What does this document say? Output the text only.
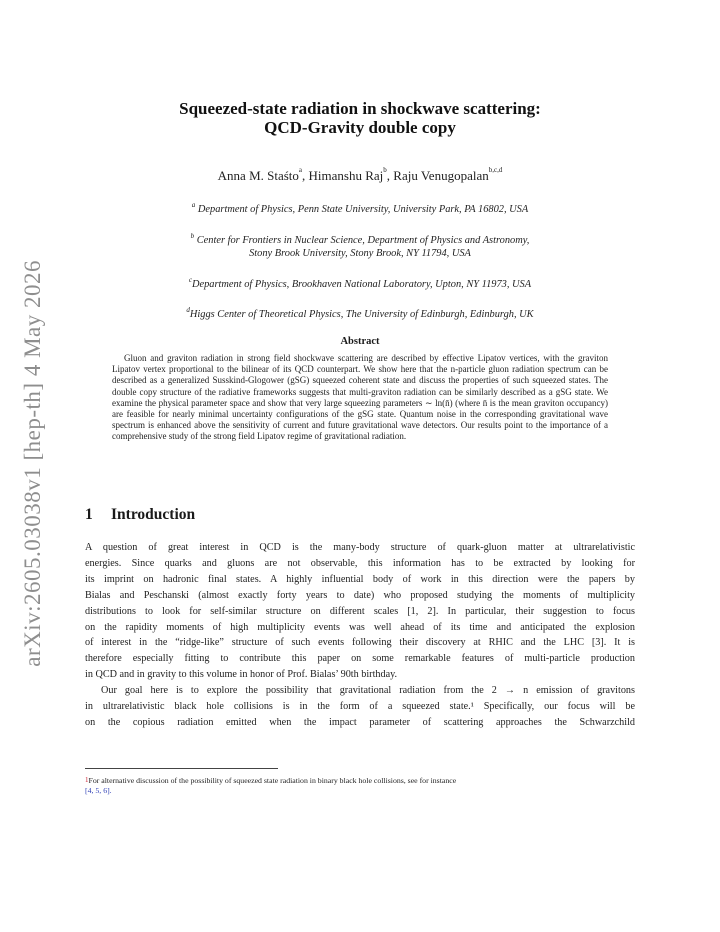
arXiv:2605.03038v1 [hep-th] 4 May 2026
Squeezed-state radiation in shockwave scattering:
QCD-Gravity double copy
Anna M. Staśto$^a$, Himanshu Raj$^b$, Raju Venugopalan$^{b,c,d}$
$^a$ Department of Physics, Penn State University, University Park, PA 16802, USA
$^b$ Center for Frontiers in Nuclear Science, Department of Physics and Astronomy,
Stony Brook University, Stony Brook, NY 11794, USA
$^c$Department of Physics, Brookhaven National Laboratory, Upton, NY 11973, USA
$^d$Higgs Center of Theoretical Physics, The University of Edinburgh, Edinburgh, UK
Abstract
Gluon and graviton radiation in strong field shockwave scattering are described by effective Lipatov vertices, with the graviton Lipatov vertex proportional to the bilinear of its QCD counterpart. We show here that the n-particle gluon radiation spectrum can be described as a generalized Susskind-Glogower (gSG) squeezed coherent state and discuss the properties of such squeezed states. The double copy structure of the radiative frameworks suggests that multi-graviton radiation can be similarly described as a gSG state. We examine the physical parameter space and show that very large squeezing parameters ∼ ln(n̄) (where n̄ is the mean graviton occupancy) are feasible for nearly minimal uncertainty configurations of the gSG state. Quantum noise in the corresponding gravitational wave spectrum is enhanced above the sensitivity of current and future gravitational wave detectors. Our results point to the importance of a comprehensive study of the strong field Lipatov regime of gravitational radiation.
1 Introduction
A question of great interest in QCD is the many-body structure of quark-gluon matter at ultrarelativistic
energies. Since quarks and gluons are not observable, this information has to be extracted by looking for
its imprint on hadronic final states. A highly influential body of work in this direction were the papers by
Bialas and Peschanski (almost exactly forty years to date) who proposed studying the moments of multiplicity
distributions to look for self-similar structure on different scales [1, 2]. In particular, their suggestion to focus
on the rapidity moments of high multiplicity events was well ahead of its time and anticipated the explosion
of interest in the “ridge-like” structure of such events following their discovery at RHIC and the LHC [3]. It is
therefore especially fitting to contribute this paper on some remarkable features of multi-particle production
in QCD and in gravity to this volume in honor of Prof. Bialas’ 90th birthday.
Our goal here is to explore the possibility that gravitational radiation from the 2 → n emission of gravitons
in ultrarelativistic black hole collisions is in the form of a squeezed state.¹ Specifically, our focus will be
on the copious radiation emitted when the impact parameter of scattering approaches the Schwarzchild
1For alternative discussion of the possibility of squeezed state radiation in binary black hole collisions, see for instance
[4, 5, 6].
